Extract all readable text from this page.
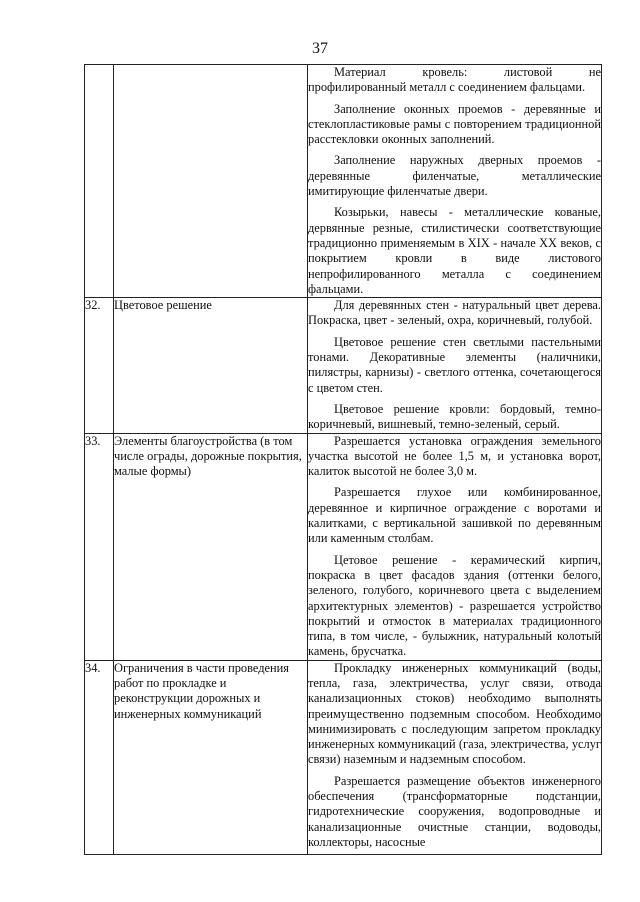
37

		Материал кровель: листовой не профилированный металл с соединением фальцами.

Заполнение оконных проемов - деревянные и стеклопластиковые рамы с повторением традиционной расстекловки оконных заполнений.

Заполнение наружных дверных проемов - деревянные филенчатые, металлические имитирующие филенчатые двери.

Козырьки, навесы - металлические кованые, дервянные резные, стилистически соответствующие традиционно применяемым в XIX - начале XX веков, с покрытием кровли в виде листового непрофилированного металла с соединением фальцами.

32.	Цветовое решение	Для деревянных стен - натуральный цвет дерева. Покраска, цвет - зеленый, охра, коричневый, голубой.

Цветовое решение стен светлыми пастельными тонами. Декоративные элементы (наличники, пилястры, карнизы) - светлого оттенка, сочетающегося с цветом стен.

Цветовое решение кровли: бордовый, темно-коричневый, вишневый, темно-зеленый, серый.

33.	Элементы благоустройства (в том числе ограды, дорожные покрытия, малые формы)	Разрешается установка ограждения земельного участка высотой не более 1,5 м, и установка ворот, калиток высотой не более 3,0 м.

Разрешается глухое или комбинированное, деревянное и кирпичное ограждение с воротами и калитками, с вертикальной зашивкой по деревянным или каменным столбам.

Цетовое решение - керамический кирпич, покраска в цвет фасадов здания (оттенки белого, зеленого, голубого, коричневого цвета с выделением архитектурных элементов) - разрешается устройство покрытий и отмосток в материалах традиционного типа, в том числе, - булыжник, натуральный колотый камень, брусчатка.

34.	Ограничения в части проведения работ по прокладке и реконструкции дорожных и инженерных коммуникаций	Прокладку инженерных коммуникаций (воды, тепла, газа, электричества, услуг связи, отвода канализационных стоков) необходимо выполнять преимущественно подземным способом. Необходимо минимизировать с последующим запретом прокладку инженерных коммуникаций (газа, электричества, услуг связи) наземным и надземным способом.

Разрешается размещение объектов инженерного обеспечения (трансформаторные подстанции, гидротехнические сооружения, водопроводные и канализационные очистные станции, водоводы, коллекторы, насосные
